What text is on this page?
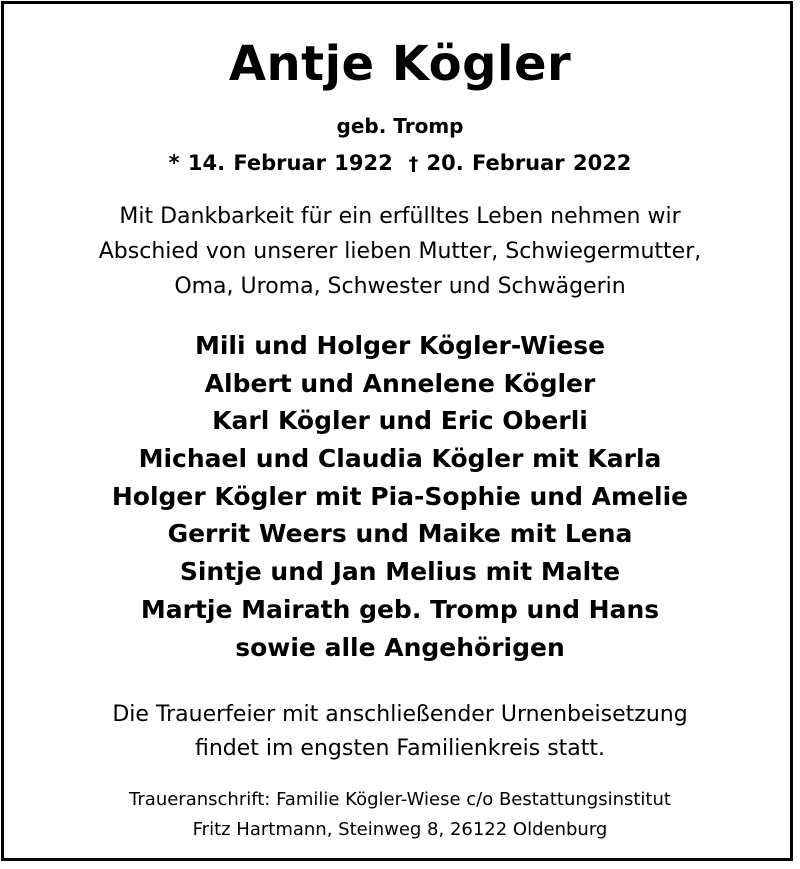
Antje Kögler
geb. Tromp
* 14. Februar 1922 † 20. Februar 2022
Mit Dankbarkeit für ein erfülltes Leben nehmen wir
Abschied von unserer lieben Mutter, Schwiegermutter,
Oma, Uroma, Schwester und Schwägerin
Mili und Holger Kögler-Wiese
Albert und Annelene Kögler
Karl Kögler und Eric Oberli
Michael und Claudia Kögler mit Karla
Holger Kögler mit Pia-Sophie und Amelie
Gerrit Weers und Maike mit Lena
Sintje und Jan Melius mit Malte
Martje Mairath geb. Tromp und Hans
sowie alle Angehörigen
Die Trauerfeier mit anschließender Urnenbeisetzung
findet im engsten Familienkreis statt.
Traueranschrift: Familie Kögler-Wiese c/o Bestattungsinstitut
Fritz Hartmann, Steinweg 8, 26122 Oldenburg
